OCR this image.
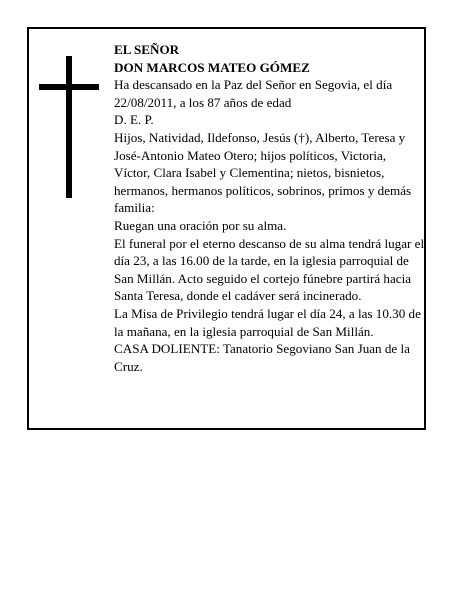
EL SEÑOR

DON MARCOS MATEO GÓMEZ

Ha descansado en la Paz del Señor en Segovia, el día 22/08/2011, a los 87 años de edad

D. E. P.

Hijos, Natividad, Ildefonso, Jesús (†), Alberto, Teresa y José-Antonio Mateo Otero; hijos políticos, Victoria, Víctor, Clara Isabel y Clementina; nietos, bisnietos, hermanos, hermanos políticos, sobrinos, primos y demás familia:

Ruegan una oración por su alma.

El funeral por el eterno descanso de su alma tendrá lugar el día 23, a las 16.00 de la tarde, en la iglesia parroquial de San Millán. Acto seguido el cortejo fúnebre partirá hacia Santa Teresa, donde el cadáver será incinerado.

La Misa de Privilegio tendrá lugar el día 24, a las 10.30 de la mañana, en la iglesia parroquial de San Millán.

CASA DOLIENTE: Tanatorio Segoviano San Juan de la Cruz.
